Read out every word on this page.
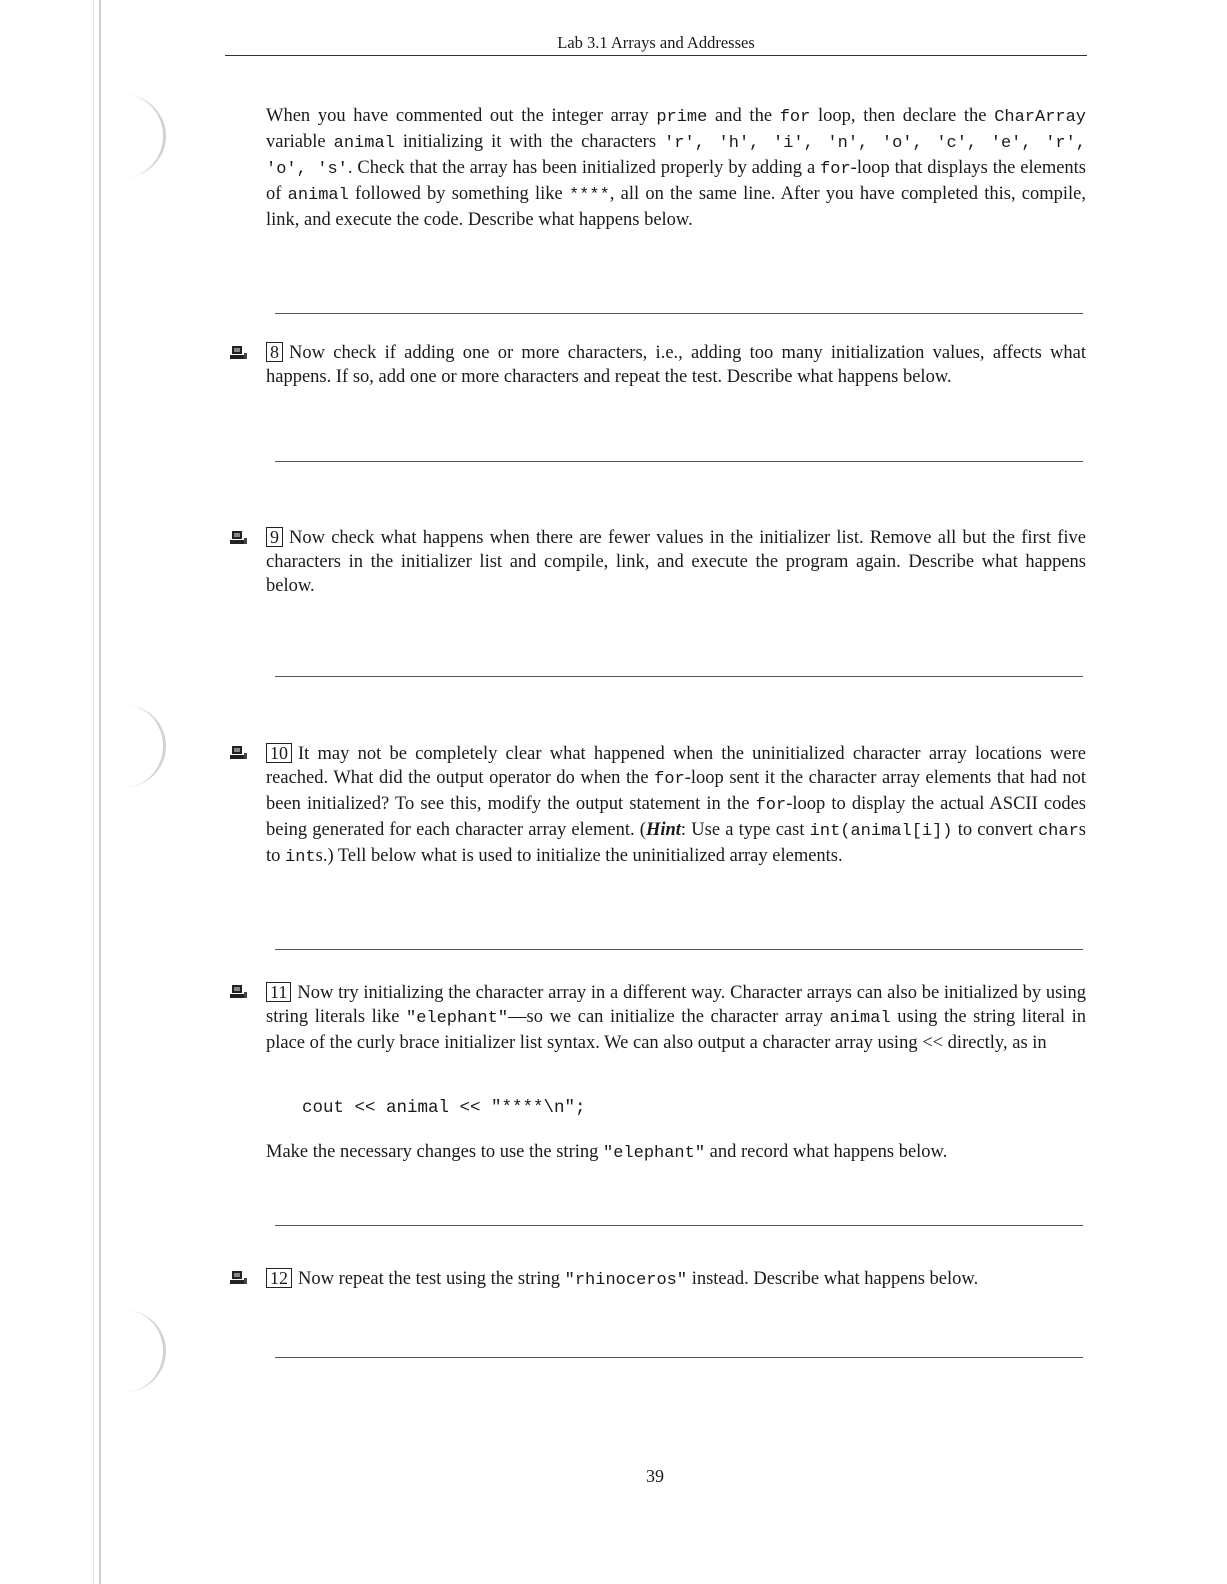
Lab 3.1 Arrays and Addresses

When you have commented out the integer array prime and the for loop, then declare the CharArray variable animal initializing it with the characters 'r', 'h', 'i', 'n', 'o', 'c', 'e', 'r', 'o', 's'. Check that the array has been initialized properly by adding a for-loop that displays the elements of animal followed by something like ****, all on the same line. After you have completed this, compile, link, and execute the code. Describe what happens below.

8 Now check if adding one or more characters, i.e., adding too many initialization values, affects what happens. If so, add one or more characters and repeat the test. Describe what happens below.

9 Now check what happens when there are fewer values in the initializer list. Remove all but the first five characters in the initializer list and compile, link, and execute the program again. Describe what happens below.

10 It may not be completely clear what happened when the uninitialized character array locations were reached. What did the output operator do when the for-loop sent it the character array elements that had not been initialized? To see this, modify the output statement in the for-loop to display the actual ASCII codes being generated for each character array element. (Hint: Use a type cast int(animal[i]) to convert chars to ints.) Tell below what is used to initialize the uninitialized array elements.

11 Now try initializing the character array in a different way. Character arrays can also be initialized by using string literals like "elephant"—so we can initialize the character array animal using the string literal in place of the curly brace initializer list syntax. We can also output a character array using << directly, as in

cout << animal << "****\n";

Make the necessary changes to use the string "elephant" and record what happens below.

12 Now repeat the test using the string "rhinoceros" instead. Describe what happens below.

39
